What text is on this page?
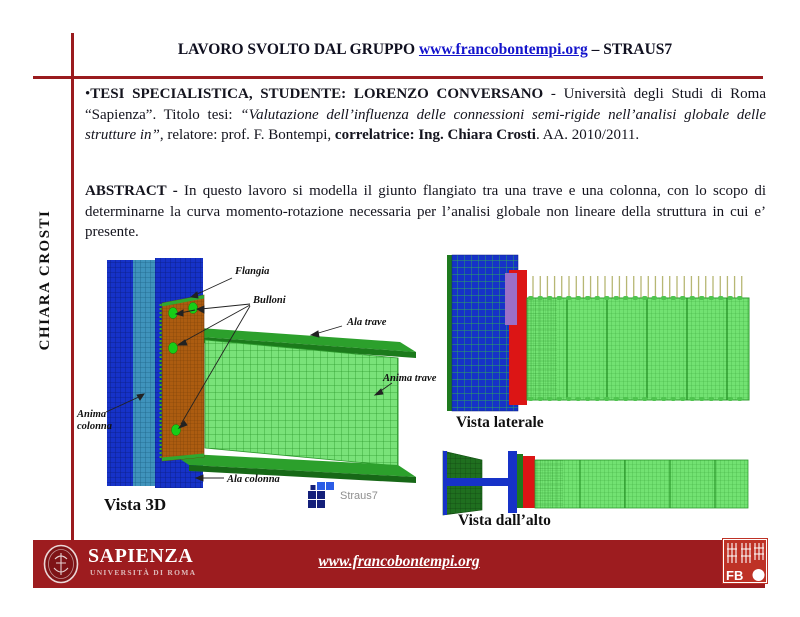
LAVORO SVOLTO DAL GRUPPO www.francobontempi.org – STRAUS7
CHIARA CROSTI
•TESI SPECIALISTICA, STUDENTE: LORENZO CONVERSANO - Università degli Studi di Roma “Sapienza”. Titolo tesi: “Valutazione dell’influenza delle connessioni semi-rigide nell’analisi globale delle strutture in”, relatore: prof. F. Bontempi, correlatrice: Ing. Chiara Crosti. AA. 2010/2011.
ABSTRACT - In questo lavoro si modella il giunto flangiato tra una trave e una colonna, con lo scopo di determinarne la curva momento-rotazione necessaria per l’analisi globale non lineare della struttura in cui e’ presente.
Flangia
Bulloni
Ala trave
Anima trave
Anima
colonna
Ala colonna
Straus7
Vista 3D
Vista laterale
Vista dall’alto
SAPIENZA
UNIVERSITÀ DI ROMA
www.francobontempi.org
FB
